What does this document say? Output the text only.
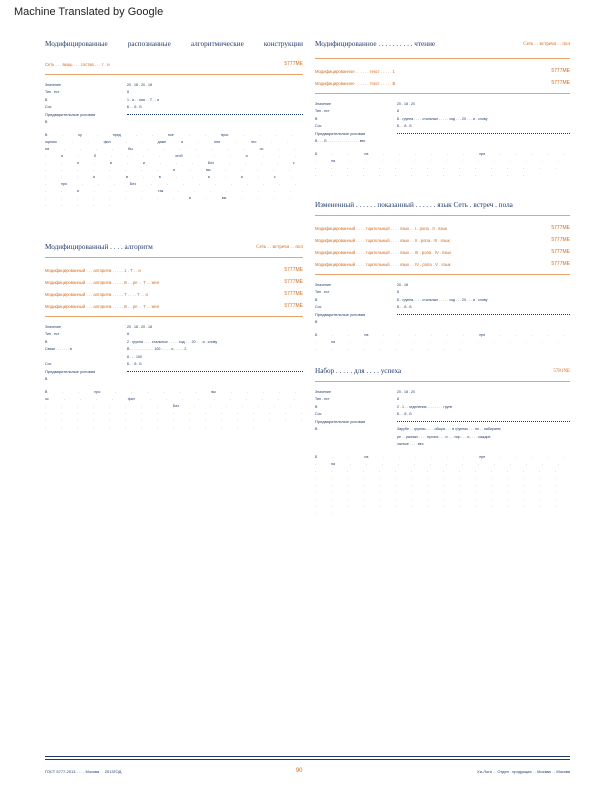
Machine Translated by Google
Модифицированные	распознанные	алгоритмические	конструкции
Сеть . . . вещь . . . состав . . . т . и	5777МЕ
Значение	20 . 18 . 20 . 18
Тип . ест	8
В	1 . и . . ния . . Т . . и
Сос	Б . . й . Б
Предварительные условия
В
В . ку . пред . . ное . . прос . . . . оценки . . фил . . даже и . нея . это . . на . . . . бы . . . . . . . ос . . . и . б . . . . чтоб . . . и . . . . . и . в . и . . . Без . . . . с . . . . . . . . и . вы . . . . . . . . и . в . в . . и . и . с . . про . . . Без . . . . . . . . . . . . и . . . . так . . . . . . . . . . . . . . . . . в . вы . . . . . . . . .
Модифицированный . . . . алгоритм	Сеть . . встречи . . пол
Модифицированный . . . алгоритм . . . . . 1 . Т . . и	5777МЕ
Модифицированный . . . алгоритм . . . . . В . . ре . . Т . . жен	5777МЕ
Модифицированный . . . алгоритм . . . . . Т . . . . Т . . и	5777МЕ
Модифицированный . . . алгоритм . . . . . В . . ре . . Т . . жен	5777МЕ
Значение	20 . 18 . 20 . 18
Тип . ест	8
В	2 . группа . . . . стальные . . . . . ход . . . 20 . . . и . слову
Связи . . . . . . . в	В . . . . . . . . . . . . 100 . . . . . и . . . . . 2
8 . . . 100
Сос	Б . . й . Б
Предварительные условия
В
В . . про . . . . . . вы . . . . . ос . . . . фил . . . . . . . . . . . . . . . . . . Без . . . . . . . . . . . . . . . . . . . . . . . . . . . . . . . . . . . . . . . . . . . . . . . . . . . . . . .
Модифицированное . . . . . . . . . . чтение	Сеть . . встречи . . пол
Модифицированное . . . . . . текст . . . . . 1	5777МЕ
Модифицированное . . . . . . текст . . . . . В	5777МЕ
Значение	20 . 18 . 20
Тип . ест	8
В	Б . группа . . . . стальные . . . . . ход . . . 20 . . . и . слову
Сос	Б . . й . Б
Предварительные условия
В . . . Б . . . . . . . . . . . . . . . . вес
Б . . на . . . . . . пре . . . . . . на . . . . . . . . . . . . . . . . . . . . . . . . . . . . . . . . . . . . . . . . . . . .
Измененный . . . . . . показанный . . . . . . язык Сеть . встреч . пола
Модифицированный . . . . тщательный . . . . язык . . I . ропа . II . язык	5777МЕ
Модифицированный . . . . тщательный . . . . язык . . II . ропа . III . язык	5777МЕ
Модифицированный . . . . тщательный . . . . язык . . III . ропа . IV . язык	5777МЕ
Модифицированный . . . . тщательный . . . . язык . . IV . ропа . V . язык	5777МЕ
Значение	20 . 18
Тип . ест	8
В	Б . группа . . . . стальные . . . . . ход . . . 20 . . . и . слову
Сос	Б . . й . Б
Предварительные условия
В
Б . . на . . . . . . пре . . . . . . на . . . . . . . . . . . . . . . . . . . . . . . .
Набор . . . . . для . . . . успеха	5781NE
Значение	20 . 18 . 20
Тип . ест	8
В	2 . 1 . . отделения . . . . . . . . групп
Сос	Б . . й . Б
Предварительные условия
В	Зарубе . . группы . . . . общих . . . в группах . . . по . . набираем
ре . . разных . . . . прочих . . . и . . . пор . . . и . . . . каждое
частые . . . . вес
Б . . на . . . . . . пре . . . . . . на . . . . . . . . . . . . . . . . . . . . . . . . . . . . . . . . . . . . . . . . . . . . . . . . . . . . . . . . . . . . . . . . . . . . . . . . . . . . . . . . . . . . . . . . . . . . . . . . . . . . . . . . . . . . . . . .
ГОСТ 5777-2013 . . . . Москва . . 2013ГОД	90	Хи-Логи . . Отдел . продукция . . Москва . . Москва
